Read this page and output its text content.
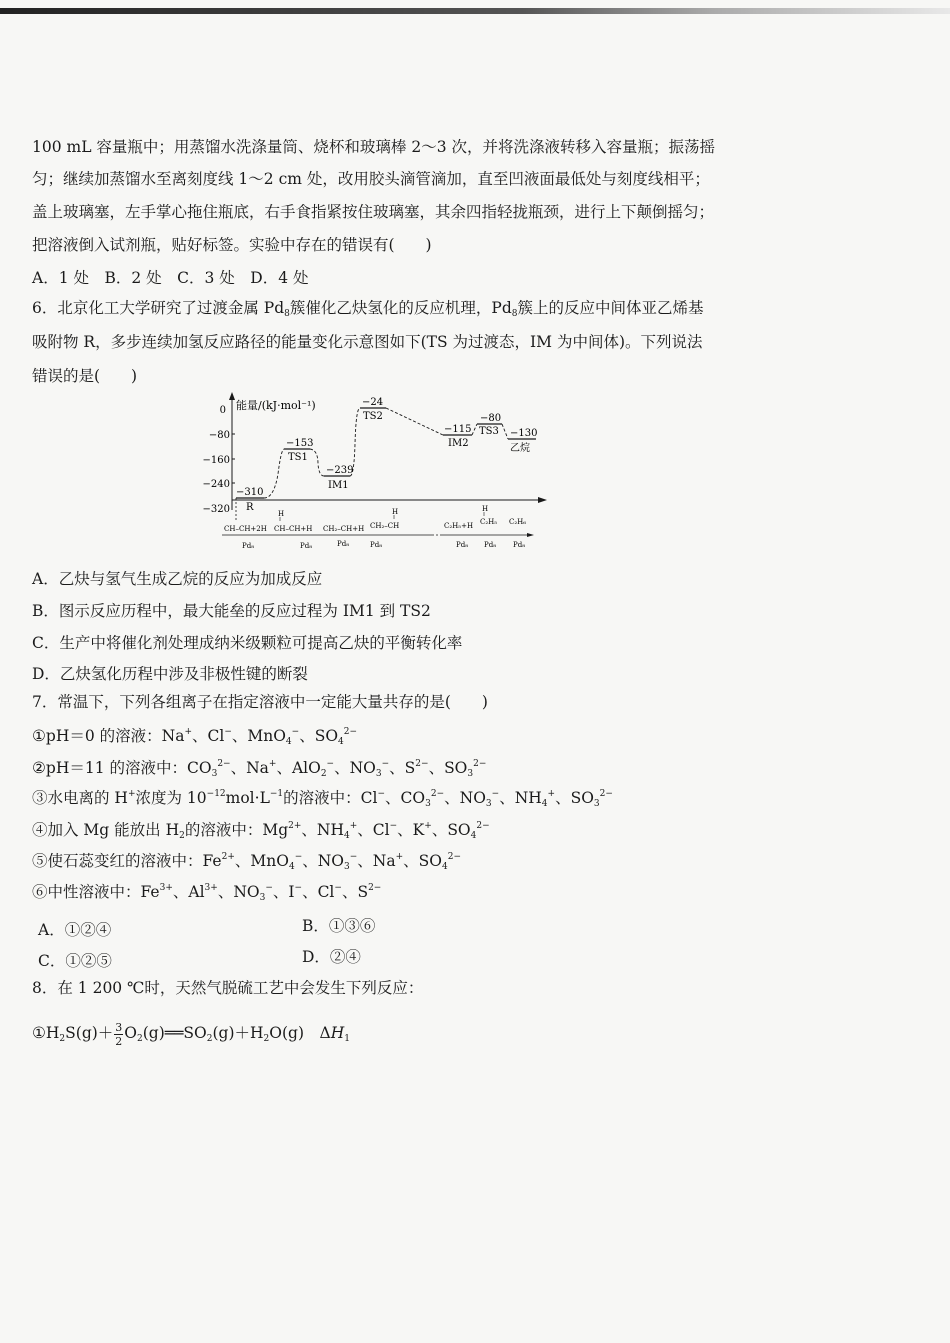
100 mL 容量瓶中；用蒸馏水洗涤量筒、烧杯和玻璃棒 2～3 次，并将洗涤液转移入容量瓶；振荡摇
匀；继续加蒸馏水至离刻度线 1～2 cm 处，改用胶头滴管滴加，直至凹液面最低处与刻度线相平；
盖上玻璃塞，左手掌心拖住瓶底，右手食指紧按住玻璃塞，其余四指轻拢瓶颈，进行上下颠倒摇匀；
把溶液倒入试剂瓶，贴好标签。实验中存在的错误有(　　)
A．1 处　B．2 处　C．3 处　D．4 处
6．北京化工大学研究了过渡金属 $Pd_8$簇催化乙炔氢化的反应机理，$Pd_8$簇上的反应中间体亚乙烯基
吸附物 R，多步连续加氢反应路径的能量变化示意图如下(TS 为过渡态，IM 为中间体)。下列说法
错误的是(　　)
能量/(kJ·mol⁻¹)
0
−80
−160
−240
−320
−310
−153
−239
−24
−115
−80
−130
R
TS1
IM1
TS2
IM2
TS3
乙烷
H	H	H
CH–CH+2H CH–CH+H CH₂–CH+H CH₂–CH	C₂H₅+H C₂H₅ C₂H₆
Pd₈	Pd₈	Pd₈	Pd₈	Pd₈ Pd₈ Pd₈
A．乙炔与氢气生成乙烷的反应为加成反应
B．图示反应历程中，最大能垒的反应过程为 IM1 到 TS2
C．生产中将催化剂处理成纳米级颗粒可提高乙炔的平衡转化率
D．乙炔氢化历程中涉及非极性键的断裂
7．常温下，下列各组离子在指定溶液中一定能大量共存的是(　　)
①pH＝0 的溶液：Na+、Cl−、MnO$_4$−、$SO_4^{2-}$
②pH＝11 的溶液中：$CO_3^{2-}$、Na+、AlO$_2$−、$NO_3^-$、$S^{2-}$、$SO_3^{2-}$
③水电离的 H+浓度为 $10^{-12}mol\cdot L^{-1}$的溶液中：Cl−、$CO_3^{2-}$、$NO_3^-$、$NH_4^+$、$SO_3^{2-}$
④加入 Mg 能放出 $H_2$的溶液中：$Mg^{2+}$、$NH_4^+$、Cl−、K+、$SO_4^{2-}$
⑤使石蕊变红的溶液中：$Fe^{2+}$、MnO$_4$−、$NO_3^-$、Na+、$SO_4^{2-}$
⑥中性溶液中：$Fe^{3+}$、$Al^{3+}$、$NO_3^-$、I−、Cl−、$S^{2-}$
A．①②④	B．①③⑥
C．①②⑤	D．②④
8．在 1 200 ℃时，天然气脱硫工艺中会发生下列反应：
$①H_2S(g)+ \frac{3}{2}$ $O_2(g)══SO_2(g)+H_2O(g)$　$\Delta H_1$
